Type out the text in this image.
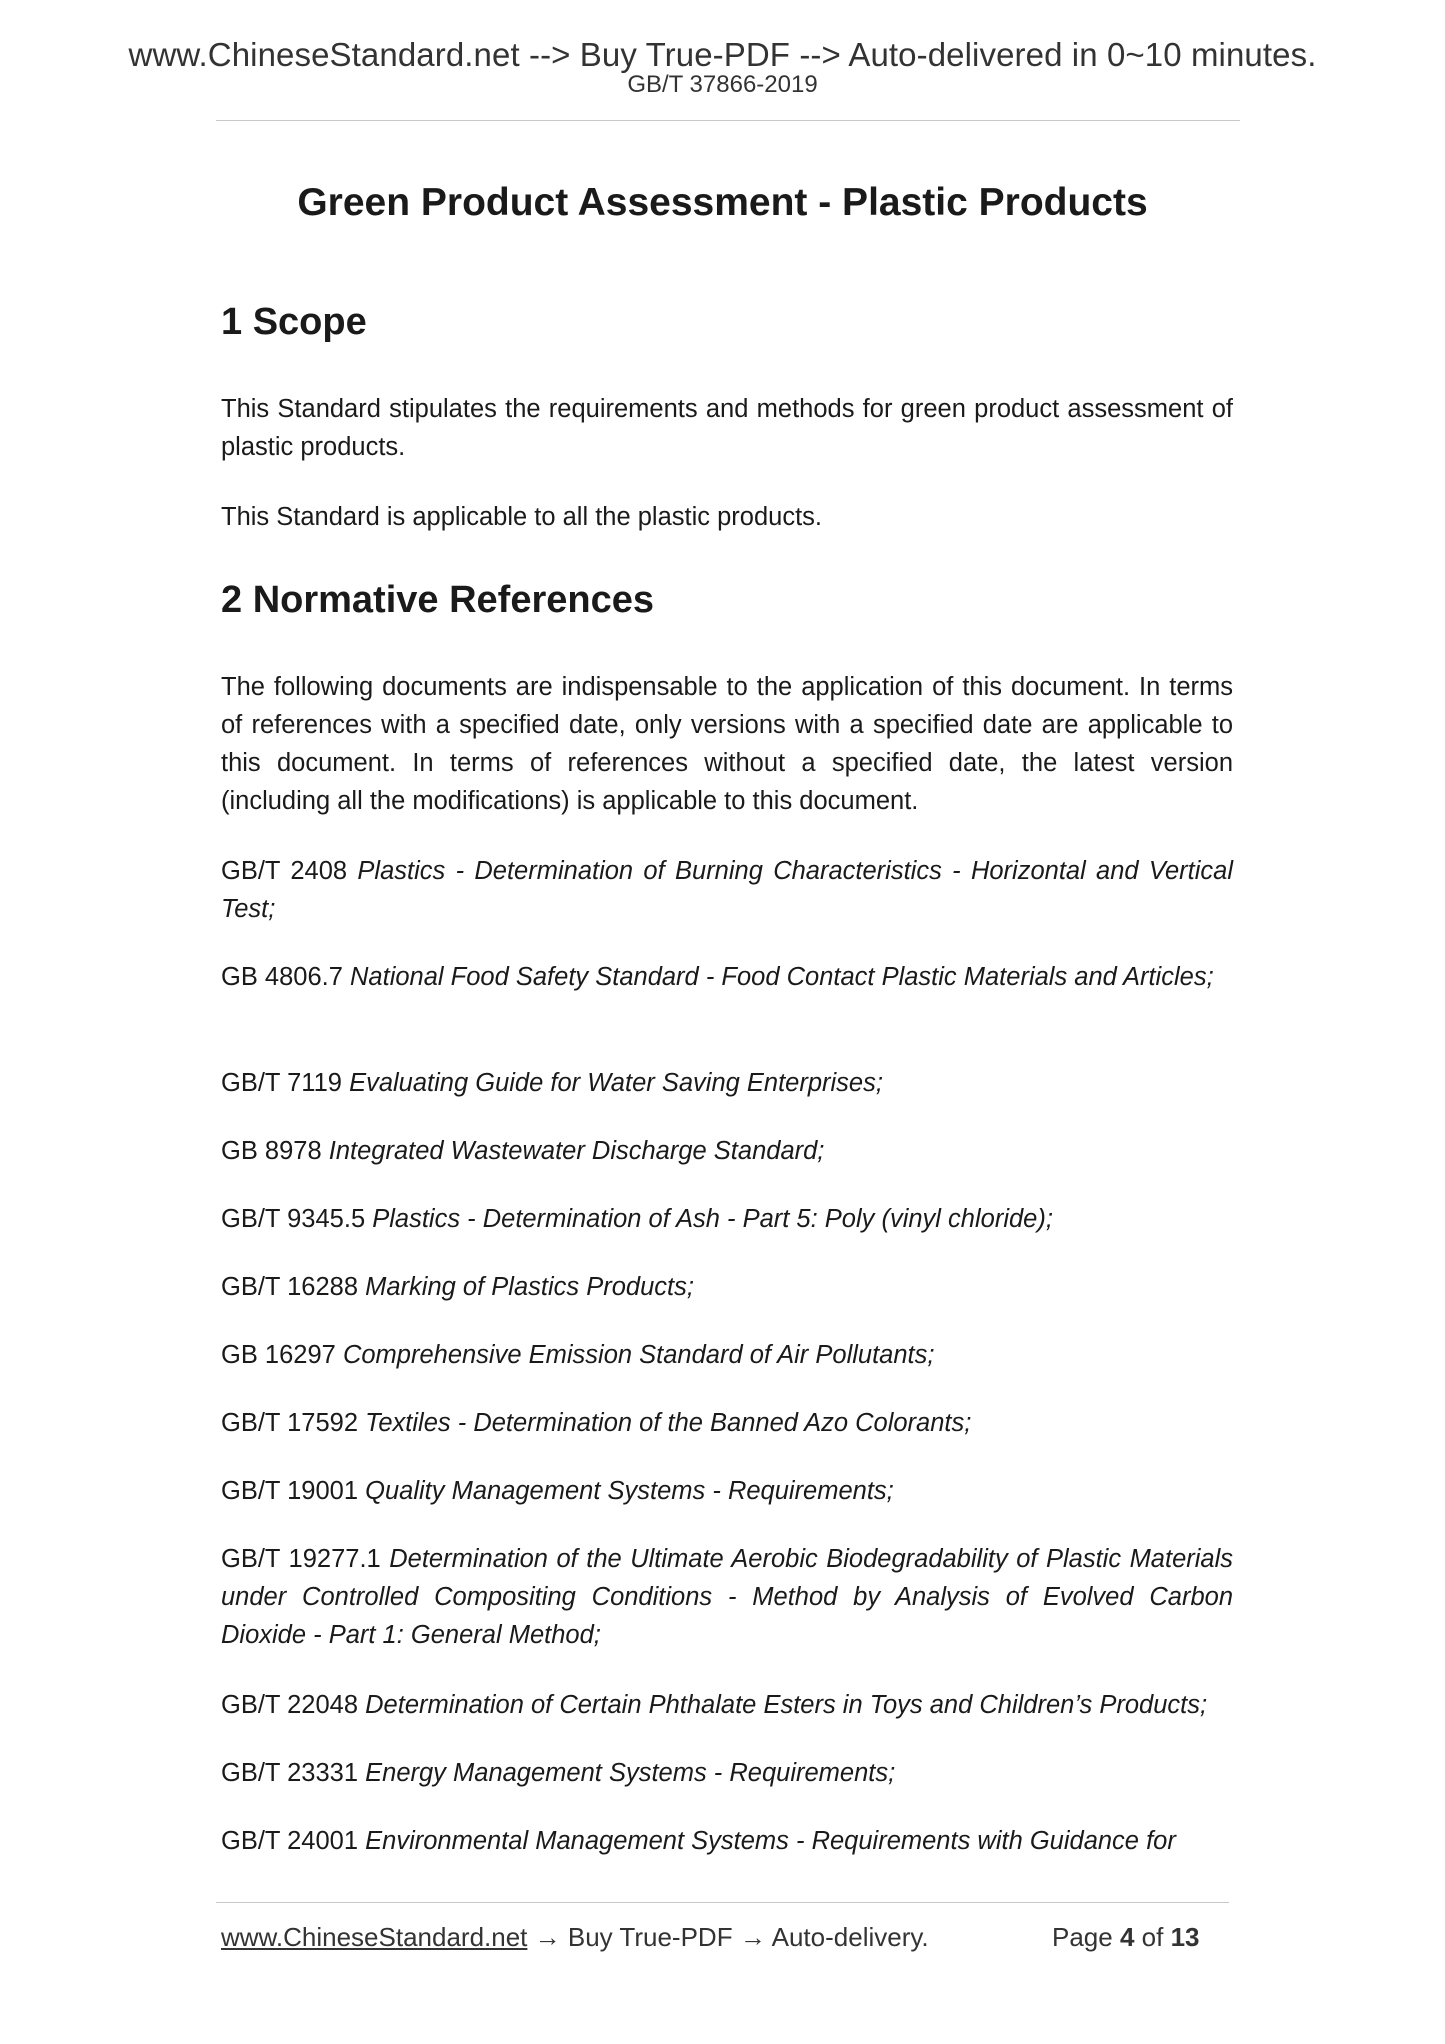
www.ChineseStandard.net --> Buy True-PDF --> Auto-delivered in 0~10 minutes.
GB/T 37866-2019
Green Product Assessment - Plastic Products
1 Scope
This Standard stipulates the requirements and methods for green product assessment of plastic products.
This Standard is applicable to all the plastic products.
2 Normative References
The following documents are indispensable to the application of this document. In terms of references with a specified date, only versions with a specified date are applicable to this document. In terms of references without a specified date, the latest version (including all the modifications) is applicable to this document.
GB/T 2408 Plastics - Determination of Burning Characteristics - Horizontal and Vertical Test;
GB 4806.7 National Food Safety Standard - Food Contact Plastic Materials and Articles;
GB/T 7119 Evaluating Guide for Water Saving Enterprises;
GB 8978 Integrated Wastewater Discharge Standard;
GB/T 9345.5 Plastics - Determination of Ash - Part 5: Poly (vinyl chloride);
GB/T 16288 Marking of Plastics Products;
GB 16297 Comprehensive Emission Standard of Air Pollutants;
GB/T 17592 Textiles - Determination of the Banned Azo Colorants;
GB/T 19001 Quality Management Systems - Requirements;
GB/T 19277.1 Determination of the Ultimate Aerobic Biodegradability of Plastic Materials under Controlled Compositing Conditions - Method by Analysis of Evolved Carbon Dioxide - Part 1: General Method;
GB/T 22048 Determination of Certain Phthalate Esters in Toys and Children’s Products;
GB/T 23331 Energy Management Systems - Requirements;
GB/T 24001 Environmental Management Systems - Requirements with Guidance for
www.ChineseStandard.net → Buy True-PDF → Auto-delivery.	Page 4 of 13
